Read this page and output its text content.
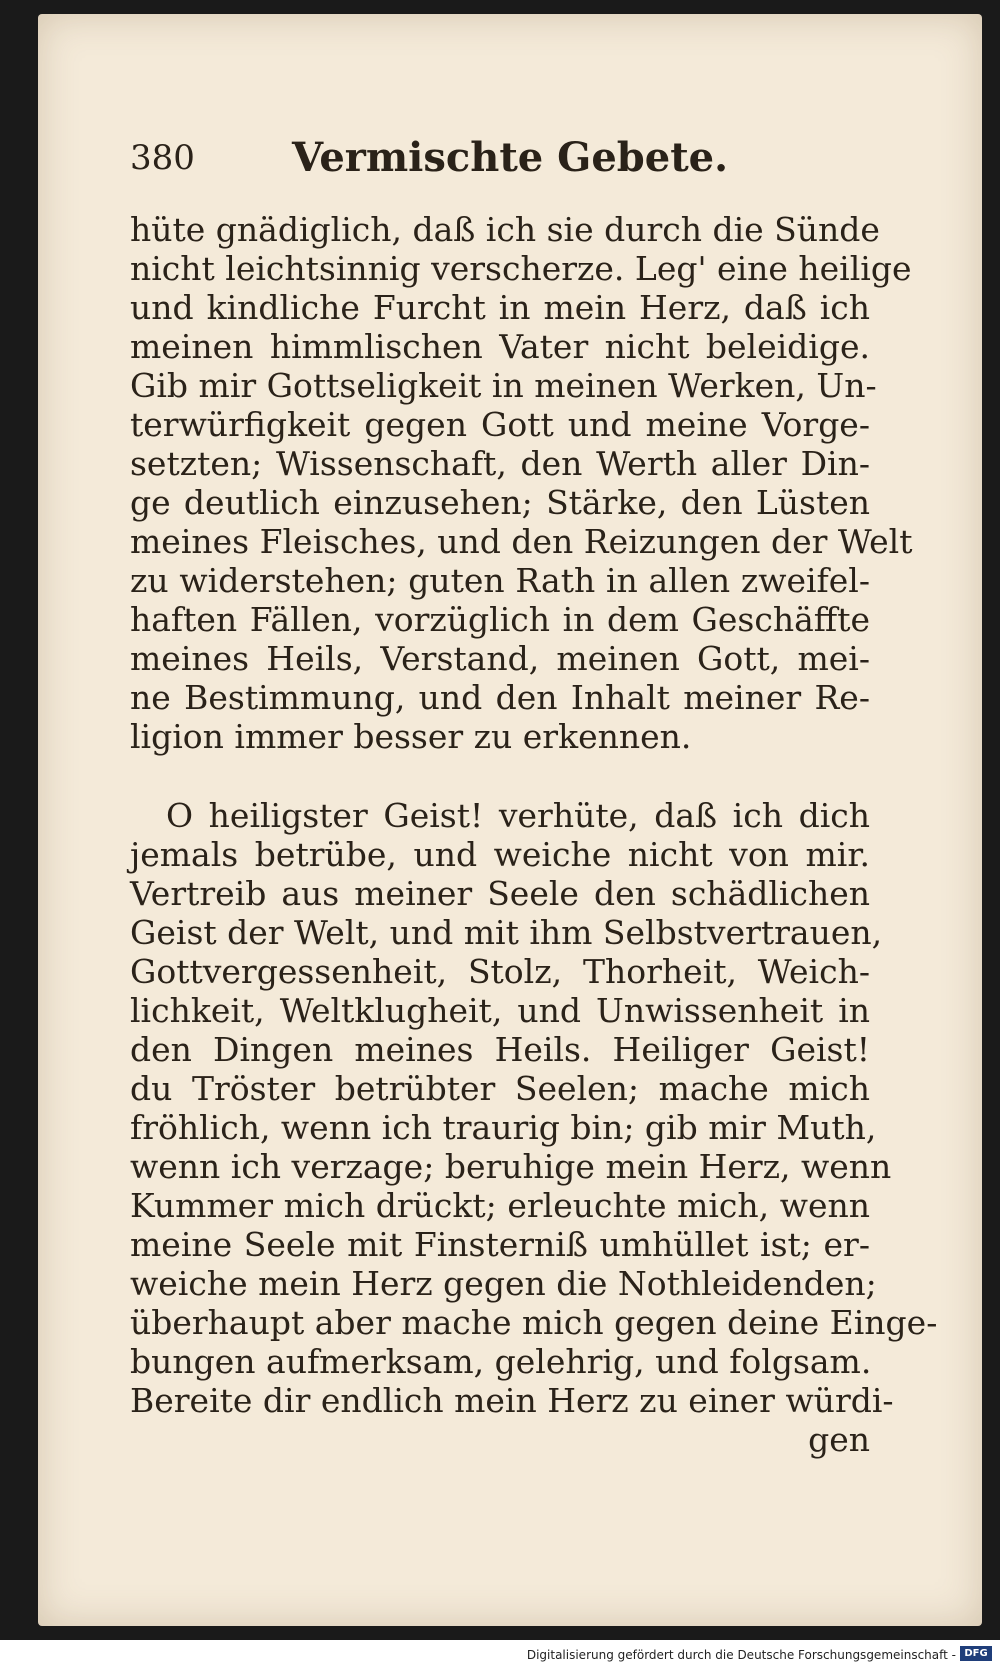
380	Vermischte Gebete.
hüte gnädiglich, daß ich sie durch die Sünde
nicht leichtsinnig verscherze. Leg' eine heilige
und kindliche Furcht in mein Herz, daß ich
meinen himmlischen Vater nicht beleidige.
Gib mir Gottseligkeit in meinen Werken, Un-
terwürfigkeit gegen Gott und meine Vorge-
setzten; Wissenschaft, den Werth aller Din-
ge deutlich einzusehen; Stärke, den Lüsten
meines Fleisches, und den Reizungen der Welt
zu widerstehen; guten Rath in allen zweifel-
haften Fällen, vorzüglich in dem Geschäffte
meines Heils, Verstand, meinen Gott, mei-
ne Bestimmung, und den Inhalt meiner Re-
ligion immer besser zu erkennen.
O heiligster Geist! verhüte, daß ich dich
jemals betrübe, und weiche nicht von mir.
Vertreib aus meiner Seele den schädlichen
Geist der Welt, und mit ihm Selbstvertrauen,
Gottvergessenheit, Stolz, Thorheit, Weich-
lichkeit, Weltklugheit, und Unwissenheit in
den Dingen meines Heils. Heiliger Geist!
du Tröster betrübter Seelen; mache mich
fröhlich, wenn ich traurig bin; gib mir Muth,
wenn ich verzage; beruhige mein Herz, wenn
Kummer mich drückt; erleuchte mich, wenn
meine Seele mit Finsterniß umhüllet ist; er-
weiche mein Herz gegen die Nothleidenden;
überhaupt aber mache mich gegen deine Einge-
bungen aufmerksam, gelehrig, und folgsam.
Bereite dir endlich mein Herz zu einer würdi-
gen
Digitalisierung gefördert durch die Deutsche Forschungsgemeinschaft - DFG
